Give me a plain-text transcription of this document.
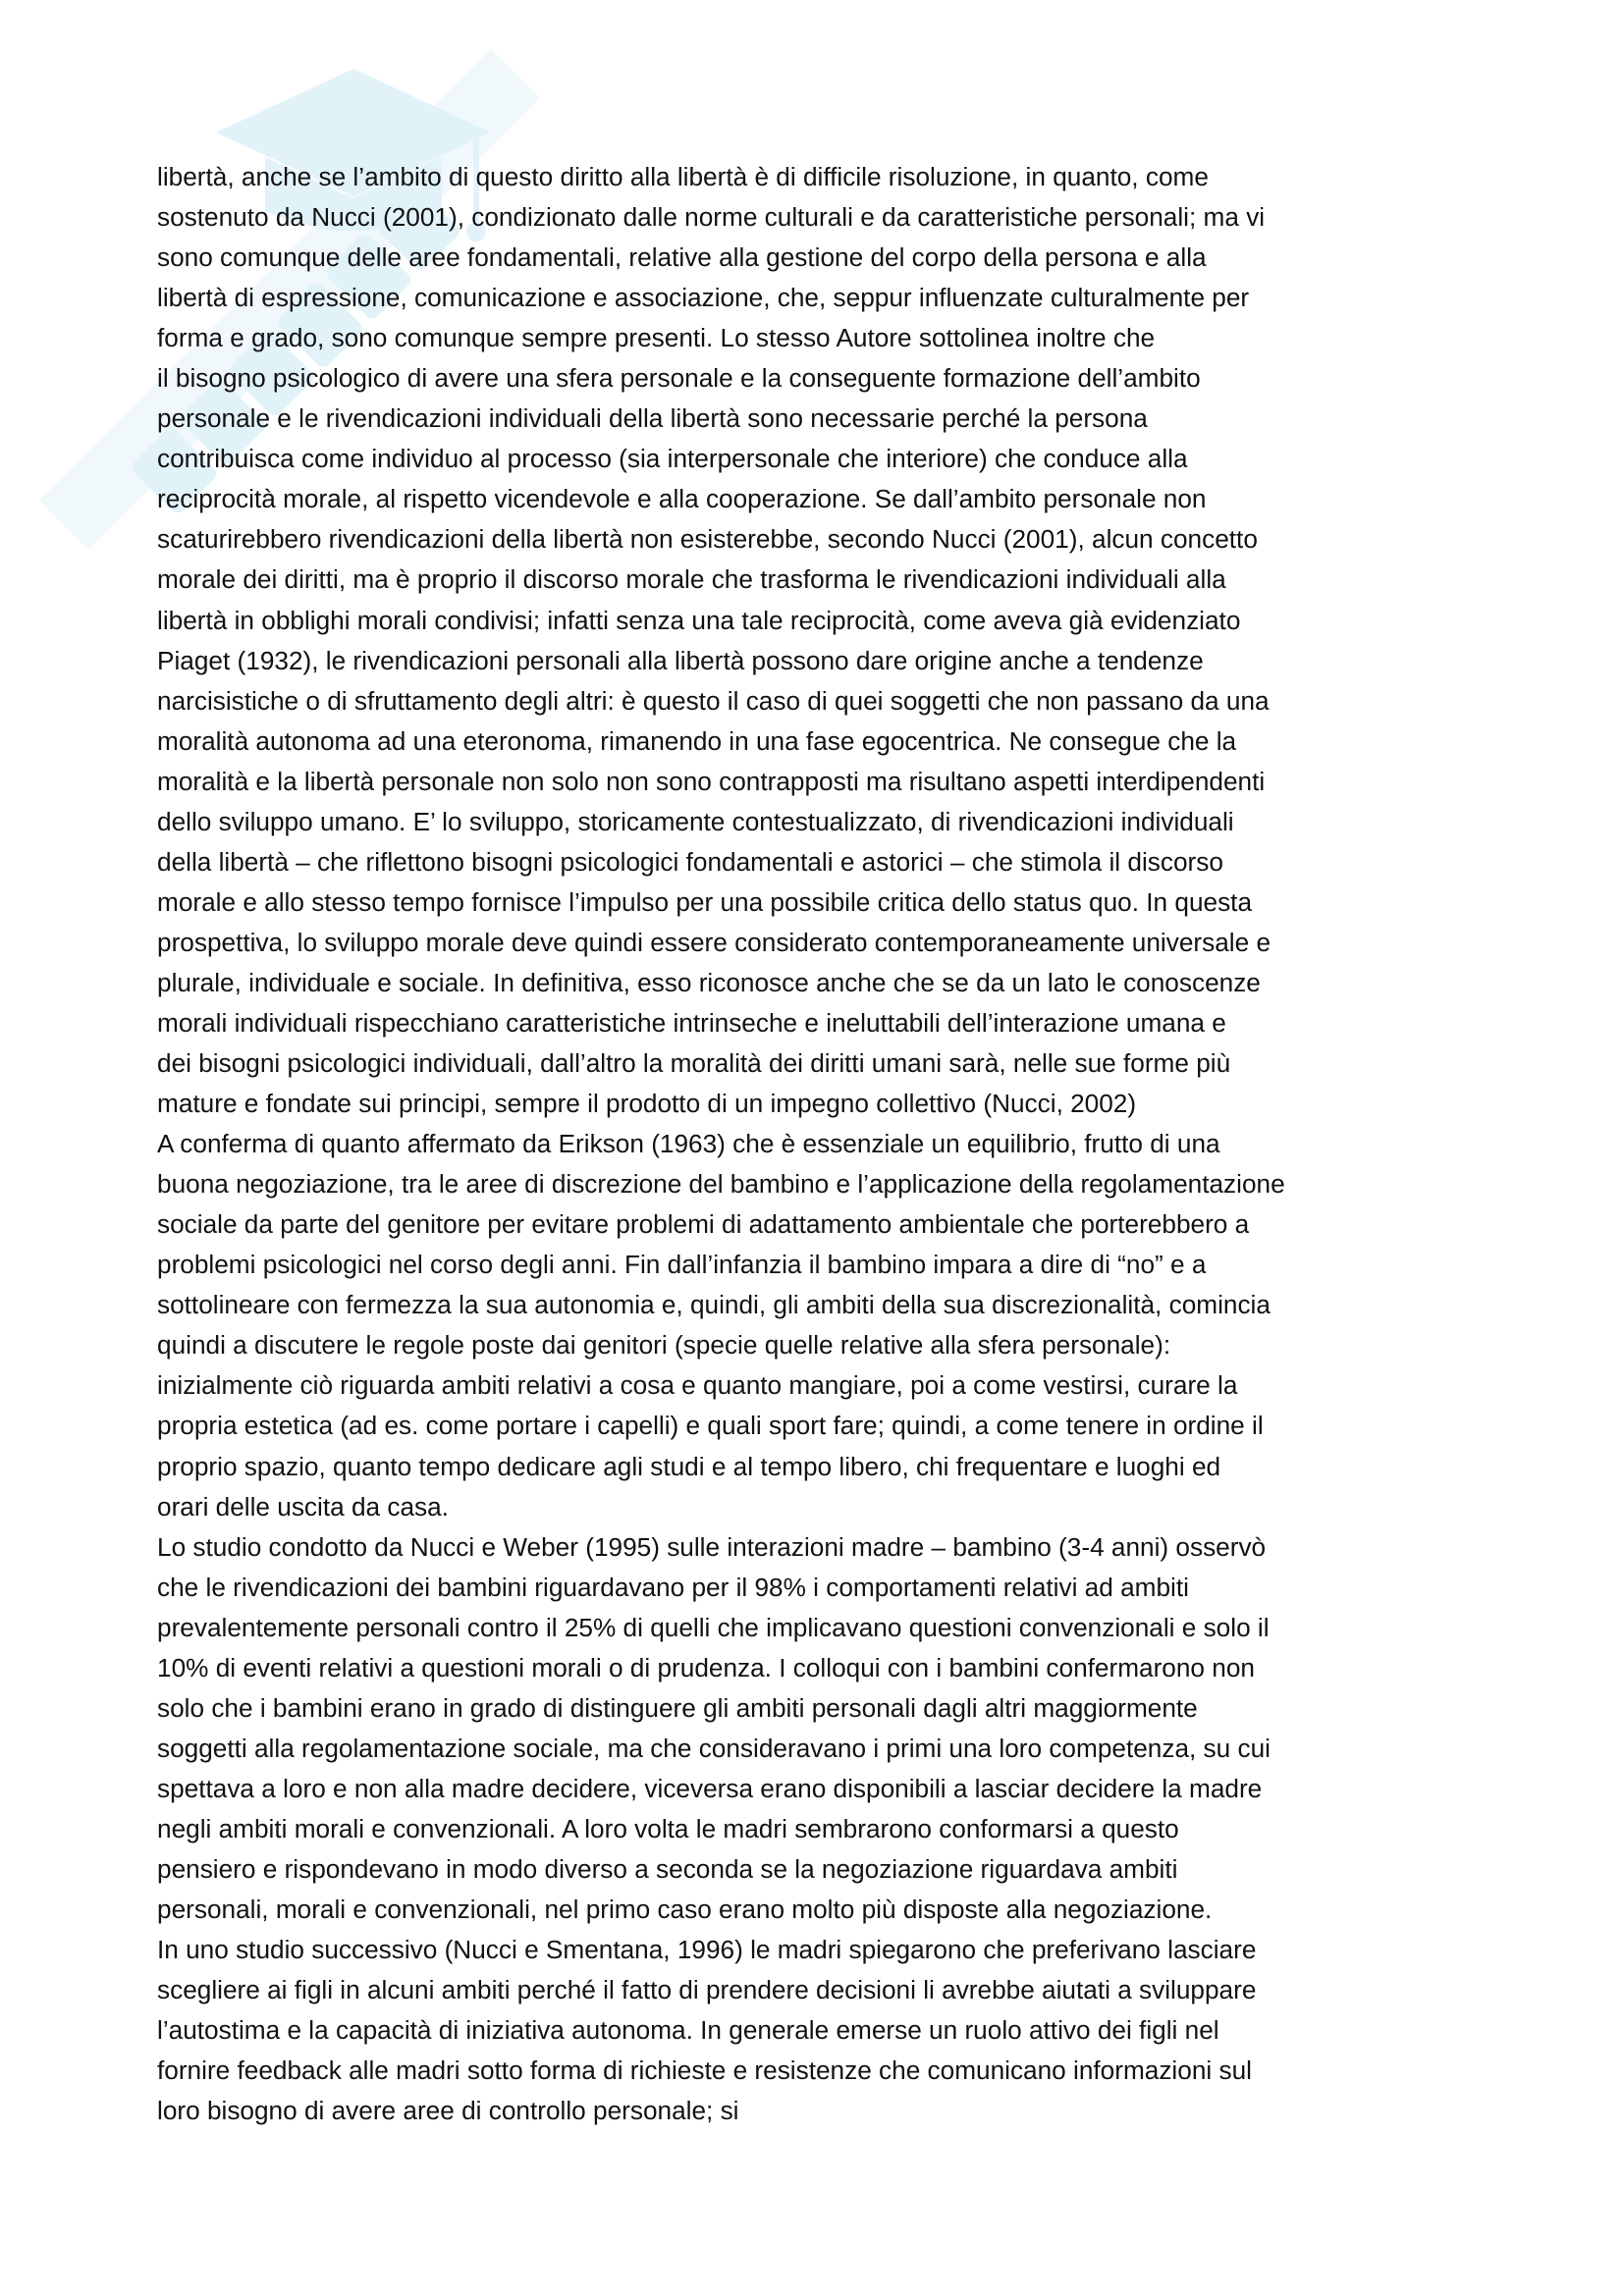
libertà, anche se l’ambito di questo diritto alla libertà è di difficile risoluzione, in quanto, come
sostenuto da Nucci (2001), condizionato dalle norme culturali e da caratteristiche personali; ma vi
sono comunque delle aree fondamentali, relative alla gestione del corpo della persona e alla
libertà di espressione, comunicazione e associazione, che, seppur influenzate culturalmente per
forma e grado, sono comunque sempre presenti. Lo stesso Autore sottolinea inoltre che
il bisogno psicologico di avere una sfera personale e la conseguente formazione dell’ambito
personale e le rivendicazioni individuali della libertà sono necessarie perché la persona
contribuisca come individuo al processo (sia interpersonale che interiore) che conduce alla
reciprocità morale, al rispetto vicendevole e alla cooperazione. Se dall’ambito personale non
scaturirebbero rivendicazioni della libertà non esisterebbe, secondo Nucci (2001), alcun concetto
morale dei diritti, ma è proprio il discorso morale che trasforma le rivendicazioni individuali alla
libertà in obblighi morali condivisi; infatti senza una tale reciprocità, come aveva già evidenziato
Piaget (1932), le rivendicazioni personali alla libertà possono dare origine anche a tendenze
narcisistiche o di sfruttamento degli altri: è questo il caso di quei soggetti che non passano da una
moralità autonoma ad una eteronoma, rimanendo in una fase egocentrica. Ne consegue che la
moralità e la libertà personale non solo non sono contrapposti ma risultano aspetti interdipendenti
dello sviluppo umano. E’ lo sviluppo, storicamente contestualizzato, di rivendicazioni individuali
della libertà – che riflettono bisogni psicologici fondamentali e astorici – che stimola il discorso
morale e allo stesso tempo fornisce l’impulso per una possibile critica dello status quo. In questa
prospettiva, lo sviluppo morale deve quindi essere considerato contemporaneamente universale e
plurale, individuale e sociale. In definitiva, esso riconosce anche che se da un lato le conoscenze
morali individuali rispecchiano caratteristiche intrinseche e ineluttabili dell’interazione umana e
dei bisogni psicologici individuali, dall’altro la moralità dei diritti umani sarà, nelle sue forme più
mature e fondate sui principi, sempre il prodotto di un impegno collettivo (Nucci, 2002)
A conferma di quanto affermato da Erikson (1963) che è essenziale un equilibrio, frutto di una
buona negoziazione, tra le aree di discrezione del bambino e l’applicazione della regolamentazione
sociale da parte del genitore per evitare problemi di adattamento ambientale che porterebbero a
problemi psicologici nel corso degli anni. Fin dall’infanzia il bambino impara a dire di “no” e a
sottolineare con fermezza la sua autonomia e, quindi, gli ambiti della sua discrezionalità, comincia
quindi a discutere le regole poste dai genitori (specie quelle relative alla sfera personale):
inizialmente ciò riguarda ambiti relativi a cosa e quanto mangiare, poi a come vestirsi, curare la
propria estetica (ad es. come portare i capelli) e quali sport fare; quindi, a come tenere in ordine il
proprio spazio, quanto tempo dedicare agli studi e al tempo libero, chi frequentare e luoghi ed
orari delle uscita da casa.
Lo studio condotto da Nucci e Weber (1995) sulle interazioni madre – bambino (3-4 anni) osservò
che le rivendicazioni dei bambini riguardavano per il 98% i comportamenti relativi ad ambiti
prevalentemente personali contro il 25% di quelli che implicavano questioni convenzionali e solo il
10% di eventi relativi a questioni morali o di prudenza. I colloqui con i bambini confermarono non
solo che i bambini erano in grado di distinguere gli ambiti personali dagli altri maggiormente
soggetti alla regolamentazione sociale, ma che consideravano i primi una loro competenza, su cui
spettava a loro e non alla madre decidere, viceversa erano disponibili a lasciar decidere la madre
negli ambiti morali e convenzionali. A loro volta le madri sembrarono conformarsi a questo
pensiero e rispondevano in modo diverso a seconda se la negoziazione riguardava ambiti
personali, morali e convenzionali, nel primo caso erano molto più disposte alla negoziazione.
In uno studio successivo (Nucci e Smentana, 1996) le madri spiegarono che preferivano lasciare
scegliere ai figli in alcuni ambiti perché il fatto di prendere decisioni li avrebbe aiutati a sviluppare
l’autostima e la capacità di iniziativa autonoma. In generale emerse un ruolo attivo dei figli nel
fornire feedback alle madri sotto forma di richieste e resistenze che comunicano informazioni sul
loro bisogno di avere aree di controllo personale; si
